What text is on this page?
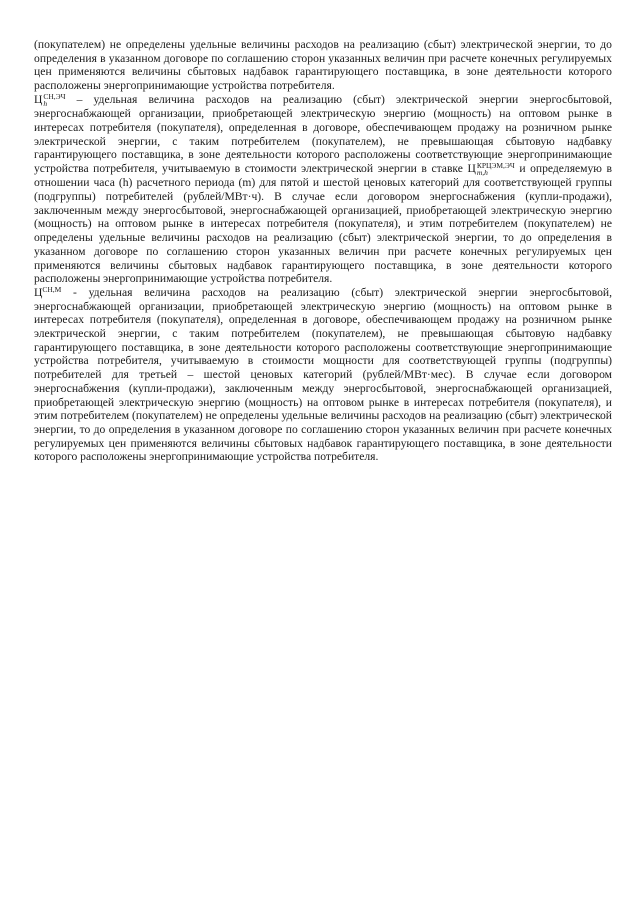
(покупателем) не определены удельные величины расходов на реализацию (сбыт) электрической энергии, то до определения в указанном договоре по соглашению сторон указанных величин при расчете конечных регулируемых цен применяются величины сбытовых надбавок гарантирующего поставщика, в зоне деятельности которого расположены энергопринимающие устройства потребителя.

Ц СН,ЭЧ
h	– удельная величина расходов на реализацию (сбыт) электрической энергии энергосбытовой, энергоснабжающей организации, приобретающей электрическую энергию (мощность) на оптовом рынке в интересах потребителя (покупателя), определенная в договоре, обеспечивающем продажу на розничном рынке электрической энергии, с таким потребителем (покупателем), не превышающая сбытовую надбавку гарантирующего поставщика, в зоне деятельности которого расположены соответствующие энергопринимающие устройства потребителя, учитываемую в стоимости электрической энергии в ставке Ц КРЦЭМ,ЭЧ
m,h	и определяемую в отношении часа (h) расчетного периода (m) для пятой и шестой ценовых категорий для соответствующей группы (подгруппы) потребителей (рублей/МВт·ч). В случае если договором энергоснабжения (купли-продажи), заключенным между энергосбытовой, энергоснабжающей организацией, приобретающей электрическую энергию (мощность) на оптовом рынке в интересах потребителя (покупателя), и этим потребителем (покупателем) не определены удельные величины расходов на реализацию (сбыт) электрической энергии, то до определения в указанном договоре по соглашению сторон указанных величин при расчете конечных регулируемых цен применяются величины сбытовых надбавок гарантирующего поставщика, в зоне деятельности которого расположены энергопринимающие устройства потребителя.

$Ц^{СН,М}$ - удельная величина расходов на реализацию (сбыт) электрической энергии энергосбытовой, энергоснабжающей организации, приобретающей электрическую энергию (мощность) на оптовом рынке в интересах потребителя (покупателя), определенная в договоре, обеспечивающем продажу на розничном рынке электрической энергии, с таким потребителем (покупателем), не превышающая сбытовую надбавку гарантирующего поставщика, в зоне деятельности которого расположены соответствующие энергопринимающие устройства потребителя, учитываемую в стоимости мощности для соответствующей группы (подгруппы) потребителей для третьей – шестой ценовых категорий (рублей/МВт·мес). В случае если договором энергоснабжения (купли-продажи), заключенным между энергосбытовой, энергоснабжающей организацией, приобретающей электрическую энергию (мощность) на оптовом рынке в интересах потребителя (покупателя), и этим потребителем (покупателем) не определены удельные величины расходов на реализацию (сбыт) электрической энергии, то до определения в указанном договоре по соглашению сторон указанных величин при расчете конечных регулируемых цен применяются величины сбытовых надбавок гарантирующего поставщика, в зоне деятельности которого расположены энергопринимающие устройства потребителя.
